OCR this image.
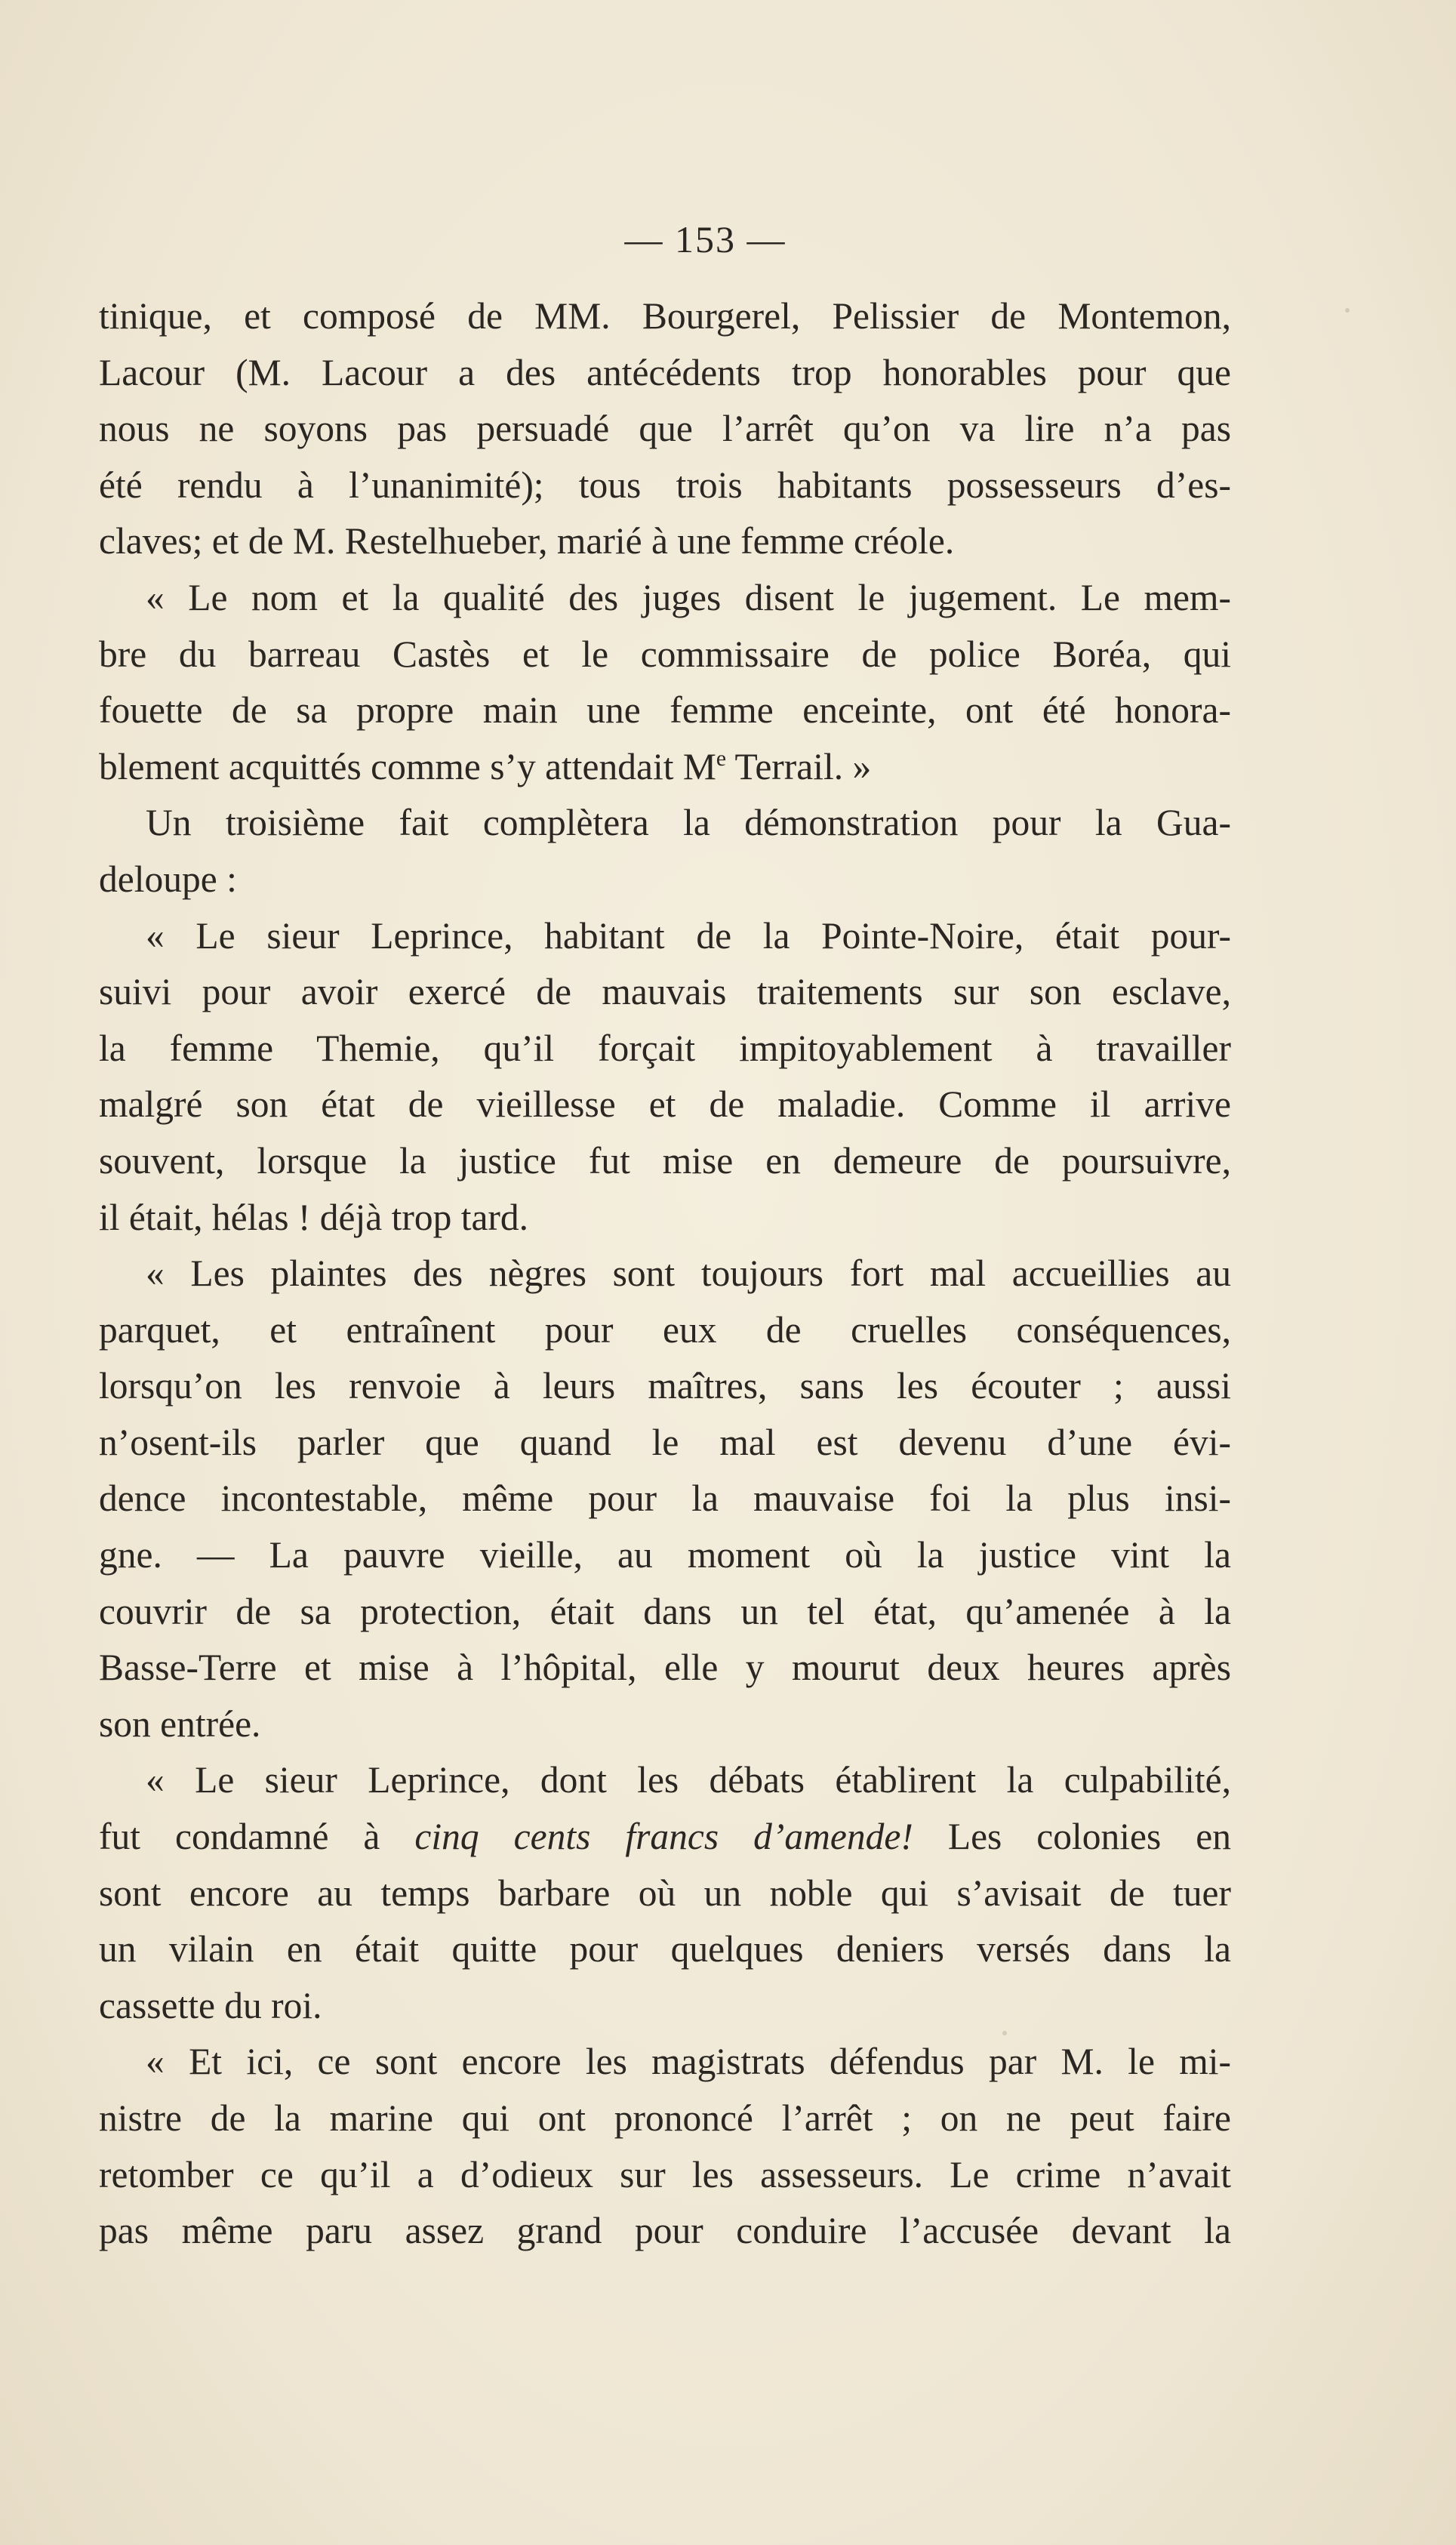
— 153 —

tinique, et composé de MM. Bourgerel, Pelissier de Montemon,
Lacour (M. Lacour a des antécédents trop honorables pour que
nous ne soyons pas persuadé que l’arrêt qu’on va lire n’a pas
été rendu à l’unanimité); tous trois habitants possesseurs d’es-
claves; et de M. Restelhueber, marié à une femme créole.

« Le nom et la qualité des juges disent le jugement. Le mem-
bre du barreau Castès et le commissaire de police Boréa, qui
fouette de sa propre main une femme enceinte, ont été honora-
blement acquittés comme s’y attendait Me Terrail. »

Un troisième fait complètera la démonstration pour la Gua-
deloupe :

« Le sieur Leprince, habitant de la Pointe-Noire, était pour-
suivi pour avoir exercé de mauvais traitements sur son esclave,
la femme Themie, qu’il forçait impitoyablement à travailler
malgré son état de vieillesse et de maladie. Comme il arrive
souvent, lorsque la justice fut mise en demeure de poursuivre,
il était, hélas ! déjà trop tard.

« Les plaintes des nègres sont toujours fort mal accueillies au
parquet, et entraînent pour eux de cruelles conséquences,
lorsqu’on les renvoie à leurs maîtres, sans les écouter ; aussi
n’osent-ils parler que quand le mal est devenu d’une évi-
dence incontestable, même pour la mauvaise foi la plus insi-
gne. — La pauvre vieille, au moment où la justice vint la
couvrir de sa protection, était dans un tel état, qu’amenée à la
Basse-Terre et mise à l’hôpital, elle y mourut deux heures après
son entrée.

« Le sieur Leprince, dont les débats établirent la culpabilité,
fut condamné à cinq cents francs d’amende! Les colonies en
sont encore au temps barbare où un noble qui s’avisait de tuer
un vilain en était quitte pour quelques deniers versés dans la
cassette du roi.

« Et ici, ce sont encore les magistrats défendus par M. le mi-
nistre de la marine qui ont prononcé l’arrêt ; on ne peut faire
retomber ce qu’il a d’odieux sur les assesseurs. Le crime n’avait
pas même paru assez grand pour conduire l’accusée devant la
